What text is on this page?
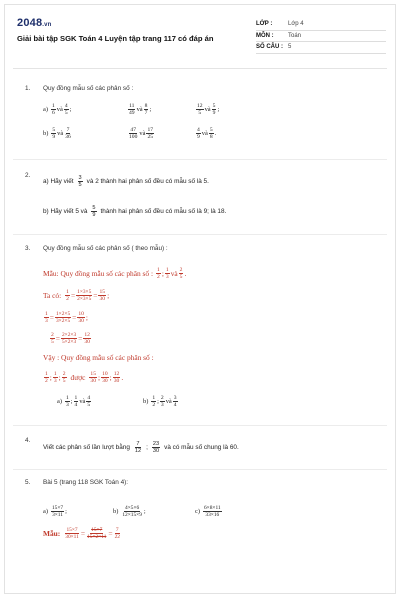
2048.vn
Giải bài tập SGK Toán 4 Luyện tập trang 117 có đáp án
LỚP :	Lớp 4
MÔN :	Toán
SỐ CÂU : 5
1. Quy đồng mẫu số các phân số :
$a) \frac{1}{6}$ và $\frac{4}{5}$ ;	$\frac{11}{49}$ và $\frac{8}{7}$ ;	$\frac{12}{5}$ và $\frac{5}{9}$ ;
$b) \frac{5}{9}$ và $\frac{7}{36}$	$\frac{47}{100}$ và $\frac{17}{25}$	$\frac{4}{9}$ và $\frac{5}{8}$ .
2.
a) Hãy viết $\frac{3}{5}$ và 2 thành hai phân số đều có mẫu số là 5.
b) Hãy viết 5 và $\frac{5}{9}$ thành hai phân số đều có mẫu số là 9; là 18.
3. Quy đồng mẫu số các phân số ( theo mẫu) :
Mẫu: Quy đồng mẫu số các phân số : $\frac{1}{2}$ ; $\frac{1}{3}$ và $\frac{2}{5}$ .
Ta có: $\frac{1}{2} = \frac{1\times 3\times 5}{2\times 3\times 5} = \frac{15}{30}$ ;
$\frac{1}{3} = \frac{1\times 2\times 5}{3\times 2\times 5} = \frac{10}{30}$ ;
$\frac{2}{5} = \frac{2\times 2\times 3}{5\times 2\times 3} = \frac{12}{30}$
Vậy : Quy đồng mẫu số các phân số :
$\frac{1}{2}$ ; $\frac{1}{3}$ ; $\frac{2}{5}$ được $\frac{15}{30}$ ; $\frac{10}{30}$ ; $\frac{12}{30}$ .
$a) \frac{1}{3}$ ; $\frac{1}{4}$ và $\frac{4}{5}$	$b) \frac{1}{2}$ ; $\frac{2}{3}$ và $\frac{3}{4}$
4.
Viết các phân số lần lượt bằng $\frac{7}{12}$ ; $\frac{23}{30}$ và có mẫu số chung là 60.
5. Bài 5 (trang 118 SGK Toán 4):
$a) \frac{15\times 7}{3\times 11}$ ;	$b) \frac{4\times 5\times 6}{12\times 15\times 9}$ ;	$c) \frac{6\times 8\times 11}{33\times 16}$
Mẫu: $\frac{15\times 7}{30\times 11} = \frac{15\times 7}{15\times 2\times 11} = \frac{7}{22}$
